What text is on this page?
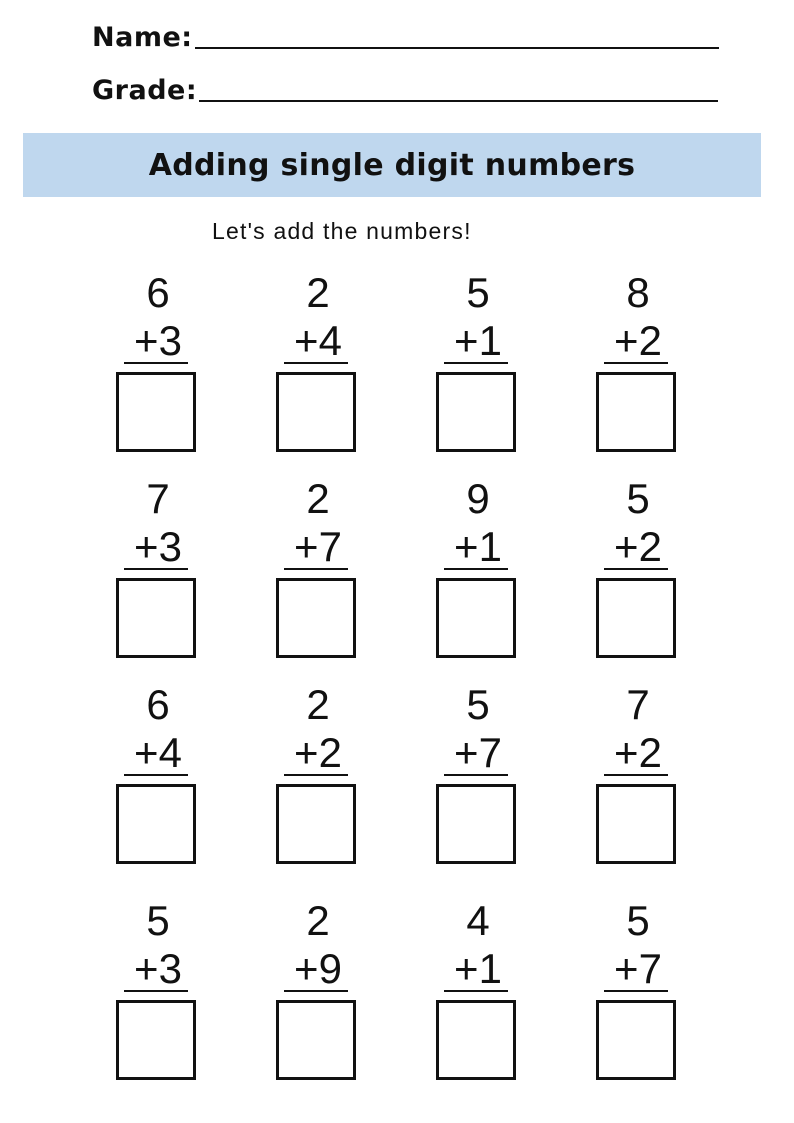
Name:
Grade:
Adding single digit numbers
Let's add the numbers!
6
+3
2
+4
5
+1
8
+2
7
+3
2
+7
9
+1
5
+2
6
+4
2
+2
5
+7
7
+2
5
+3
2
+9
4
+1
5
+7
